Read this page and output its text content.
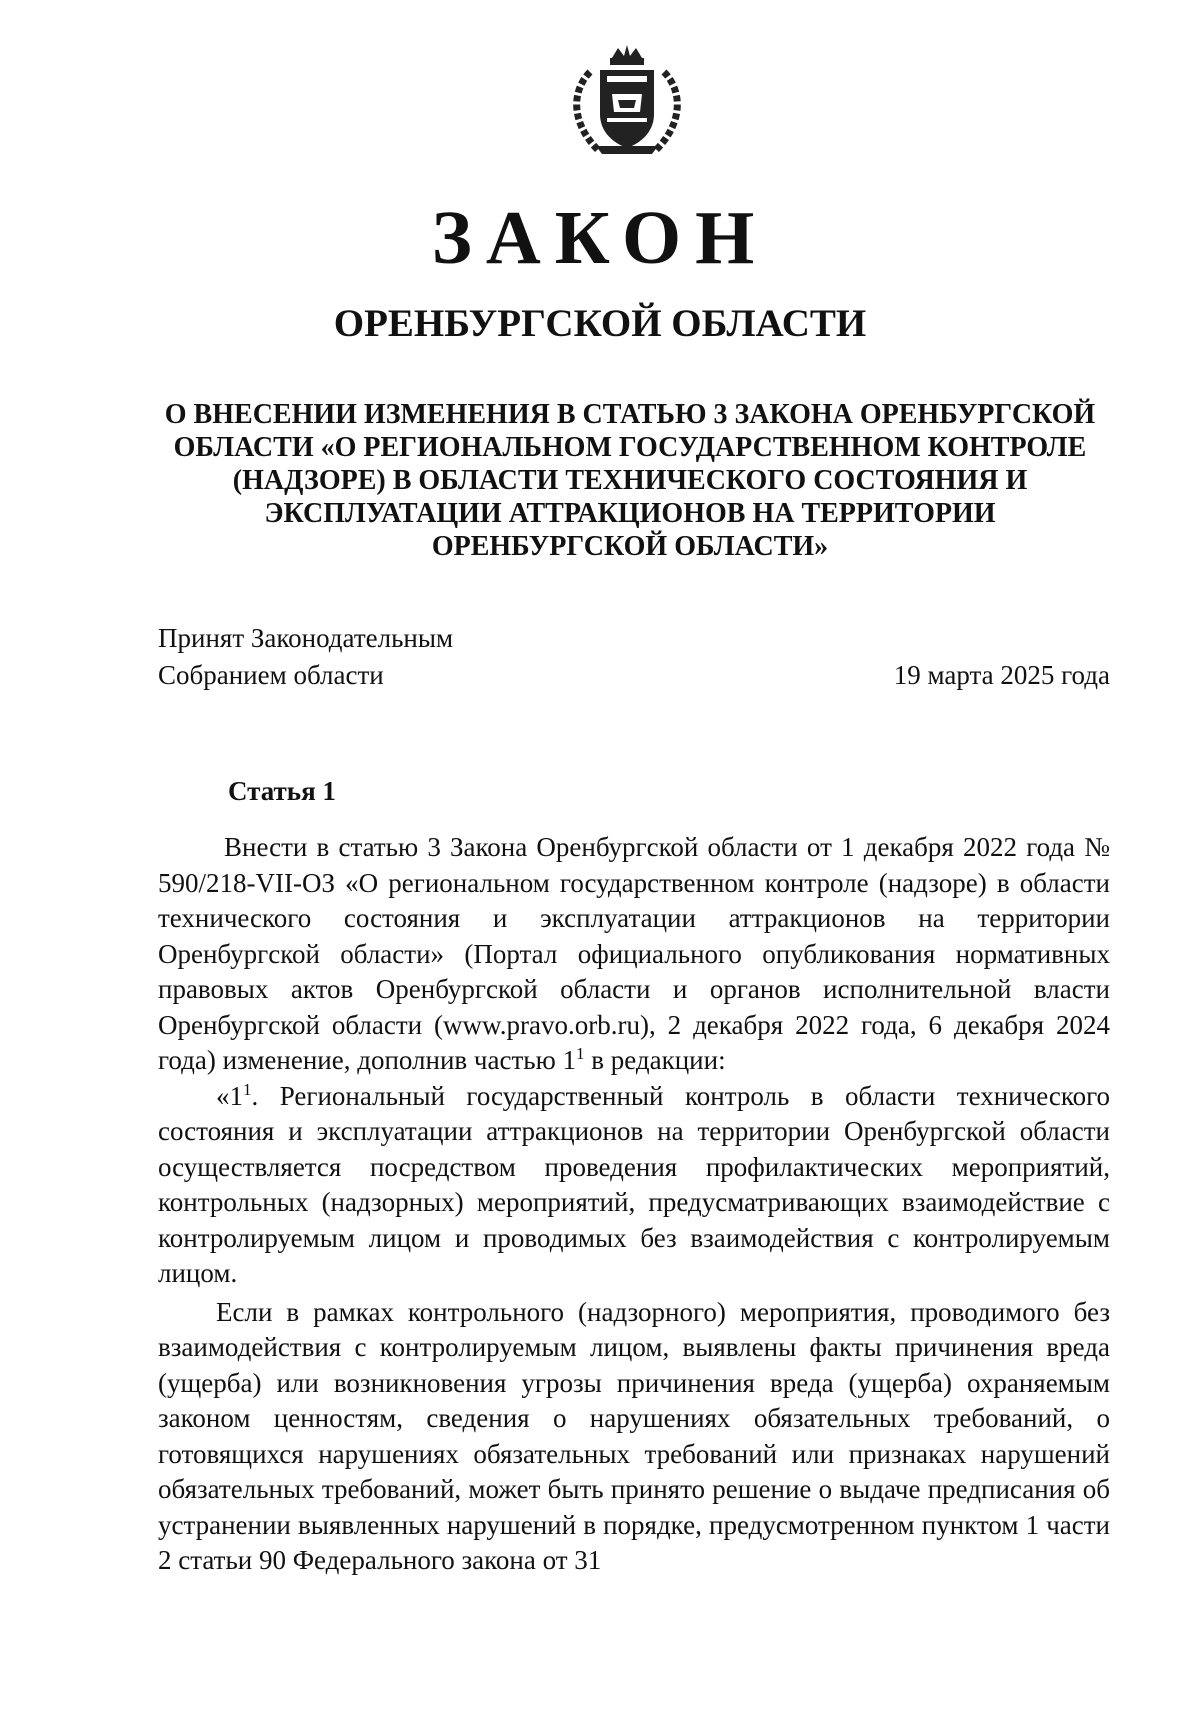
ЗАКОН
ОРЕНБУРГСКОЙ ОБЛАСТИ
О ВНЕСЕНИИ ИЗМЕНЕНИЯ В СТАТЬЮ 3 ЗАКОНА ОРЕНБУРГСКОЙ ОБЛАСТИ «О РЕГИОНАЛЬНОМ ГОСУДАРСТВЕННОМ КОНТРОЛЕ (НАДЗОРЕ) В ОБЛАСТИ ТЕХНИЧЕСКОГО СОСТОЯНИЯ И ЭКСПЛУАТАЦИИ АТТРАКЦИОНОВ НА ТЕРРИТОРИИ ОРЕНБУРГСКОЙ ОБЛАСТИ»
Принят Законодательным
Собранием области	19 марта 2025 года
Статья 1

Внести в статью 3 Закона Оренбургской области от 1 декабря 2022 года № 590/218-VII-ОЗ «О региональном государственном контроле (надзоре) в области технического состояния и эксплуатации аттракционов на территории Оренбургской области» (Портал официального опубликования нормативных правовых актов Оренбургской области и органов исполнительной власти Оренбургской области (www.pravo.orb.ru), 2 декабря 2022 года, 6 декабря 2024 года) изменение, дополнив частью $1^1$ в редакции:

«$1^1$. Региональный государственный контроль в области технического состояния и эксплуатации аттракционов на территории Оренбургской области осуществляется посредством проведения профилактических мероприятий, контрольных (надзорных) мероприятий, предусматривающих взаимодействие с контролируемым лицом и проводимых без взаимодействия с контролируемым лицом.

Если в рамках контрольного (надзорного) мероприятия, проводимого без взаимодействия с контролируемым лицом, выявлены факты причинения вреда (ущерба) или возникновения угрозы причинения вреда (ущерба) охраняемым законом ценностям, сведения о нарушениях обязательных требований, о готовящихся нарушениях обязательных требований или признаках нарушений обязательных требований, может быть принято решение о выдаче предписания об устранении выявленных нарушений в порядке, предусмотренном пунктом 1 части 2 статьи 90 Федерального закона от 31
